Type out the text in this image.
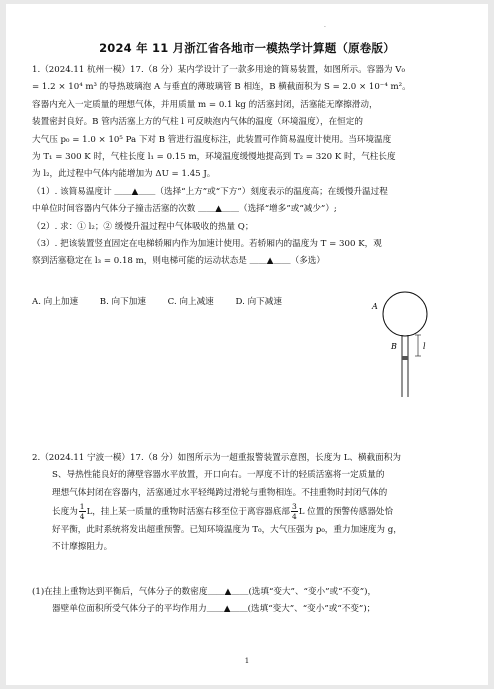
·
2024 年 11 月浙江省各地市一模热学计算题（原卷版）
1.（2024.11 杭州一模）17.（8 分）某内学设计了一款多用途的简易装置，如图所示。容器为 V₀
= 1.2 × 10⁴ m³ 的导热玻璃泡 A 与垂直的薄玻璃管 B 相连，B 横截面积为 S = 2.0 × 10⁻⁴ m²。
容器内充入一定质量的理想气体，并用质量 m = 0.1 kg 的活塞封闭，活塞能无摩擦滑动，
装置密封良好。B 管内活塞上方的气柱 l 可反映泡内气体的温度（环境温度），在恒定的
大气压 p₀ = 1.0 × 10⁵ Pa 下对 B 管进行温度标注，此装置可作简易温度计使用。当环境温度
为 T₁ = 300 K 时，气柱长度 l₁ = 0.15 m，环境温度缓慢地提高到 T₂ = 320 K 时，气柱长度
为 l₂，此过程中气体内能增加为 ΔU = 1.45 J。
（1）. 该简易温度计 ＿＿▲＿＿（选择“上方”或“下方”）刻度表示的温度高；在缓慢升温过程
中单位时间容器内气体分子撞击活塞的次数 ＿＿▲＿＿（选择“增多”或“减少”）;
（2）. 求：① l₂；② 缓慢升温过程中气体吸收的热量 Q；
（3）. 把该装置竖直固定在电梯轿厢内作为加速计使用。若轿厢内的温度为 T = 300 K，观
察到活塞稳定在 l₃ = 0.18 m，则电梯可能的运动状态是 ＿＿▲＿＿（多选）
A. 向上加速	B. 向下加速	C. 向上减速	D. 向下减速	A
B	l
2.（2024.11 宁波一模）17.（8 分）如图所示为一超重报警装置示意图，长度为 L、横截面积为
S、导热性能良好的薄壁容器水平放置，开口向右。一厚度不计的轻质活塞将一定质量的
理想气体封闭在容器内，活塞通过水平轻绳跨过滑轮与重物相连。不挂重物时封闭气体的
长度为 $\frac{1}{4}$ L，挂上某一质量的重物时活塞右移至位于离容器底部 $\frac{3}{4}$ L 位置的预警传感器处恰
好平衡，此时系统将发出超重预警。已知环境温度为 T₀，大气压强为 p₀，重力加速度为 g，
不计摩擦阻力。
(1)在挂上重物达到平衡后，气体分子的数密度＿＿▲＿＿(选填“变大”、“变小”或“不变”)，
器壁单位面积所受气体分子的平均作用力＿＿▲＿＿(选填“变大”、“变小”或“不变”)；
1
